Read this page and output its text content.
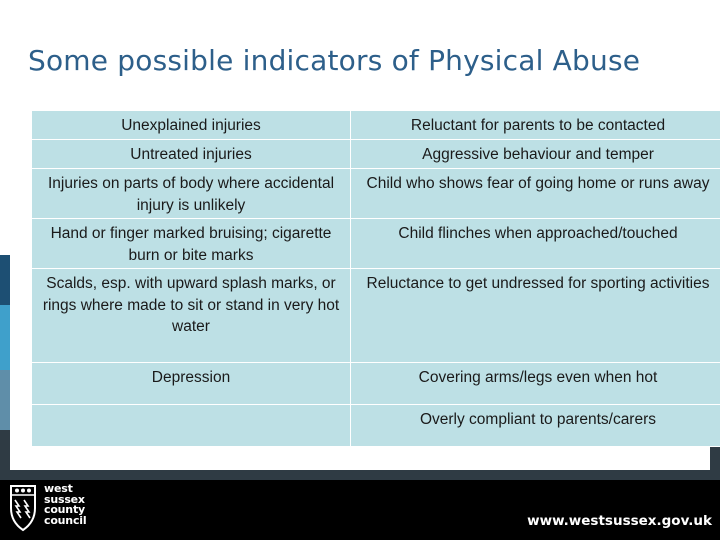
Some possible indicators of Physical Abuse
Unexplained injuries	Reluctant for parents to be contacted
Untreated injuries	Aggressive behaviour and temper
Injuries on parts of body where accidental injury is unlikely	Child who shows fear of going home or runs away
Hand or finger marked bruising; cigarette burn or bite marks	Child flinches when approached/touched
Scalds, esp. with upward splash marks, or rings where made to sit or stand in very hot water	Reluctance to get undressed for sporting activities
Depression	Covering arms/legs even when hot
	Overly compliant to parents/carers
west
sussex
county
council	www.westsussex.gov.uk
